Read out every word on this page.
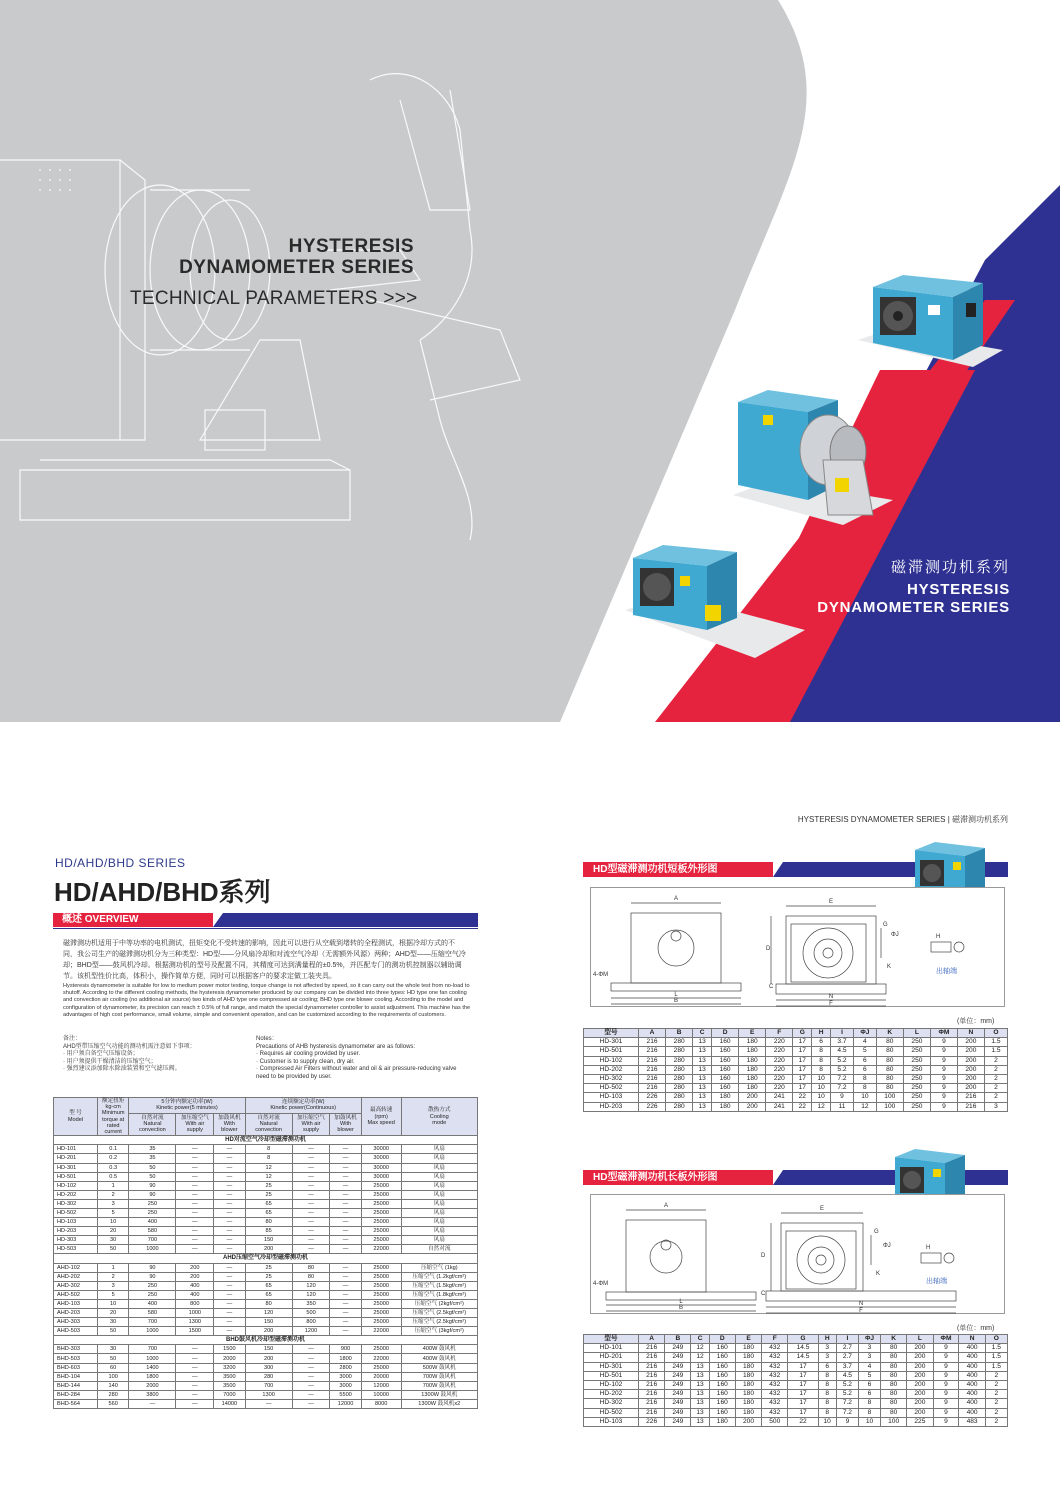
HYSTERESIS
DYNAMOMETER SERIES
TECHNICAL PARAMETERS >>>
磁滞测功机系列
HYSTERESIS
DYNAMOMETER SERIES
HYSTERESIS DYNAMOMETER SERIES | 磁滞测功机系列
HD/AHD/BHD SERIES
HD/AHD/BHD系列
概述 OVERVIEW
磁滞测功机适用于中等功率的电机测试，扭矩变化不受转速的影响，因此可以进行从空载到堵转的全程测试，根据冷却方式的不同，我公司生产的磁滞测功机分为三种类型：HD型——分风扇冷却和对流空气冷却（无需额外风源）两种；AHD型——压缩空气冷却；BHD型——鼓风机冷却。根据测功机的型号及配置不同，其精度可达到满量程的±0.5%，并匹配专门的测功机控制器以辅助调节。该机型性价比高，体积小，操作简单方便，同时可以根据客户的要求定做工装夹具。
Hysteresis dynamometer is suitable for low to medium power motor testing, torque change is not affected by speed, so it can carry out the whole test from no-load to shutoff. According to the different cooling methods, the hysteresis dynamometer produced by our company can be divided into three types: HD type one fan cooling and convection air cooling (no additional air source) two kinds of AHD type one compressed air cooling; BHD type one blower cooling. According to the model and configuration of dynamometer, its precision can reach ± 0.5% of full range, and match the special dynamometer controller to assist adjustment. This machine has the advantages of high cost performance, small volume, simple and convenient operation, and can be customized according to the requirements of customers.
备注：
AHD型带压缩空气功能的测功机需注意如下事项：
· 用户须自备空气压缩设备；
· 用户须提供干燥清洁的压缩空气；
· 强烈建议添加除水除油装置和空气滤压阀。
Notes：
Precautions of AHB hysteresis dynamometer are as follows:
· Requires air cooling provided by user.
· Customer is to supply clean, dry air.
· Compressed Air Filters without water and oil & air pressure-reducing valve need to be provided by user.
型 号
Model	额定扭矩
kg-cm
Minimum
torque at
rated current	5分钟内额定功率(W)
Kinetic power(5 minutes)			连续额定功率(W)
Kinetic power(Continuous)			最高转速
(rpm)
Max speed	散热方式
Cooling
mode
		自然对流
Natural convection	加压缩空气
With air supply	加鼓风机
With blower	自然对流
Natural convection	加压缩空气
With air supply	加鼓风机
With blower		
HD对流空气冷却型磁滞测功机									
HD-101	0.1	35	—	—	8	—	—	30000	风扇
HD-201	0.2	35	—	—	8	—	—	30000	风扇
HD-301	0.3	50	—	—	12	—	—	30000	风扇
HD-501	0.5	50	—	—	12	—	—	30000	风扇
HD-102	1	90	—	—	25	—	—	25000	风扇
HD-202	2	90	—	—	25	—	—	25000	风扇
HD-302	3	250	—	—	65	—	—	25000	风扇
HD-502	5	250	—	—	65	—	—	25000	风扇
HD-103	10	400	—	—	80	—	—	25000	风扇
HD-203	20	580	—	—	85	—	—	25000	风扇
HD-303	30	700	—	—	150	—	—	25000	风扇
HD-503	50	1000	—	—	200	—	—	22000	自然对流
AHD压缩空气冷却型磁滞测功机									
AHD-102	1	90	200	—	25	80	—	25000	压缩空气 (1kg)
AHD-202	2	90	200	—	25	80	—	25000	压缩空气 (1.2kgf/cm²)
AHD-302	3	250	400	—	65	120	—	25000	压缩空气 (1.5kgf/cm²)
AHD-502	5	250	400	—	65	120	—	25000	压缩空气 (1.8kgf/cm²)
AHD-103	10	400	800	—	80	350	—	25000	压缩空气 (2kgf/cm²)
AHD-203	20	580	1000	—	120	500	—	25000	压缩空气 (2.5kgf/cm²)
AHD-303	30	700	1300	—	150	800	—	25000	压缩空气 (2.5kgf/cm²)
AHD-503	50	1000	1500	—	200	1200	—	22000	压缩空气 (3kgf/cm²)
BHD鼓风机冷却型磁滞测功机									
BHD-303	30	700	—	1500	150	—	900	25000	400W 鼓风机
BHD-503	50	1000	—	2000	200	—	1800	22000	400W 鼓风机
BHD-603	60	1400	—	3200	300	—	2800	25000	500W 鼓风机
BHD-104	100	1800	—	3500	280	—	3000	20000	700W 鼓风机
BHD-144	140	2000	—	3500	700	—	3000	12000	700W 鼓风机
BHD-284	280	3800	—	7000	1300	—	5500	10000	1300W 鼓风机
BHD-564	560	—	—	14000	—	—	12000	8000	1300W 鼓风机x2
HD型磁滞测功机短板外形图
A
L
B
E
N
F
D
G
C
K
H
ΦJ
4-ΦM	出轴端
(单位：mm)
型号	A	B	C	D	E	F	G	H	I	ΦJ	K	L	ΦM	N	O
HD-301	216	280	13	160	180	220	17	6	3.7	4	80	250	9	200	1.5
HD-501	216	280	13	160	180	220	17	8	4.5	5	80	250	9	200	1.5
HD-102	216	280	13	160	180	220	17	8	5.2	6	80	250	9	200	2
HD-202	216	280	13	160	180	220	17	8	5.2	6	80	250	9	200	2
HD-302	216	280	13	160	180	220	17	10	7.2	8	80	250	9	200	2
HD-502	216	280	13	160	180	220	17	10	7.2	8	80	250	9	200	2
HD-103	226	280	13	180	200	241	22	10	9	10	100	250	9	216	2
HD-203	226	280	13	180	200	241	22	12	11	12	100	250	9	216	3
HD型磁滞测功机长板外形图
A
L
B
E
N
F
D
G
C
K
H
ΦJ
4-ΦM	出轴端
(单位：mm)
型号	A	B	C	D	E	F	G	H	I	ΦJ	K	L	ΦM	N	O
HD-101	216	249	12	160	180	432	14.5	3	2.7	3	80	200	9	400	1.5
HD-201	216	249	12	160	180	432	14.5	3	2.7	3	80	200	9	400	1.5
HD-301	216	249	13	160	180	432	17	6	3.7	4	80	200	9	400	1.5
HD-501	216	249	13	160	180	432	17	8	4.5	5	80	200	9	400	2
HD-102	216	249	13	160	180	432	17	8	5.2	6	80	200	9	400	2
HD-202	216	249	13	160	180	432	17	8	5.2	6	80	200	9	400	2
HD-302	216	249	13	160	180	432	17	8	7.2	8	80	200	9	400	2
HD-502	216	249	13	160	180	432	17	8	7.2	8	80	200	9	400	2
HD-103	226	249	13	180	200	500	22	10	9	10	100	225	9	483	2
